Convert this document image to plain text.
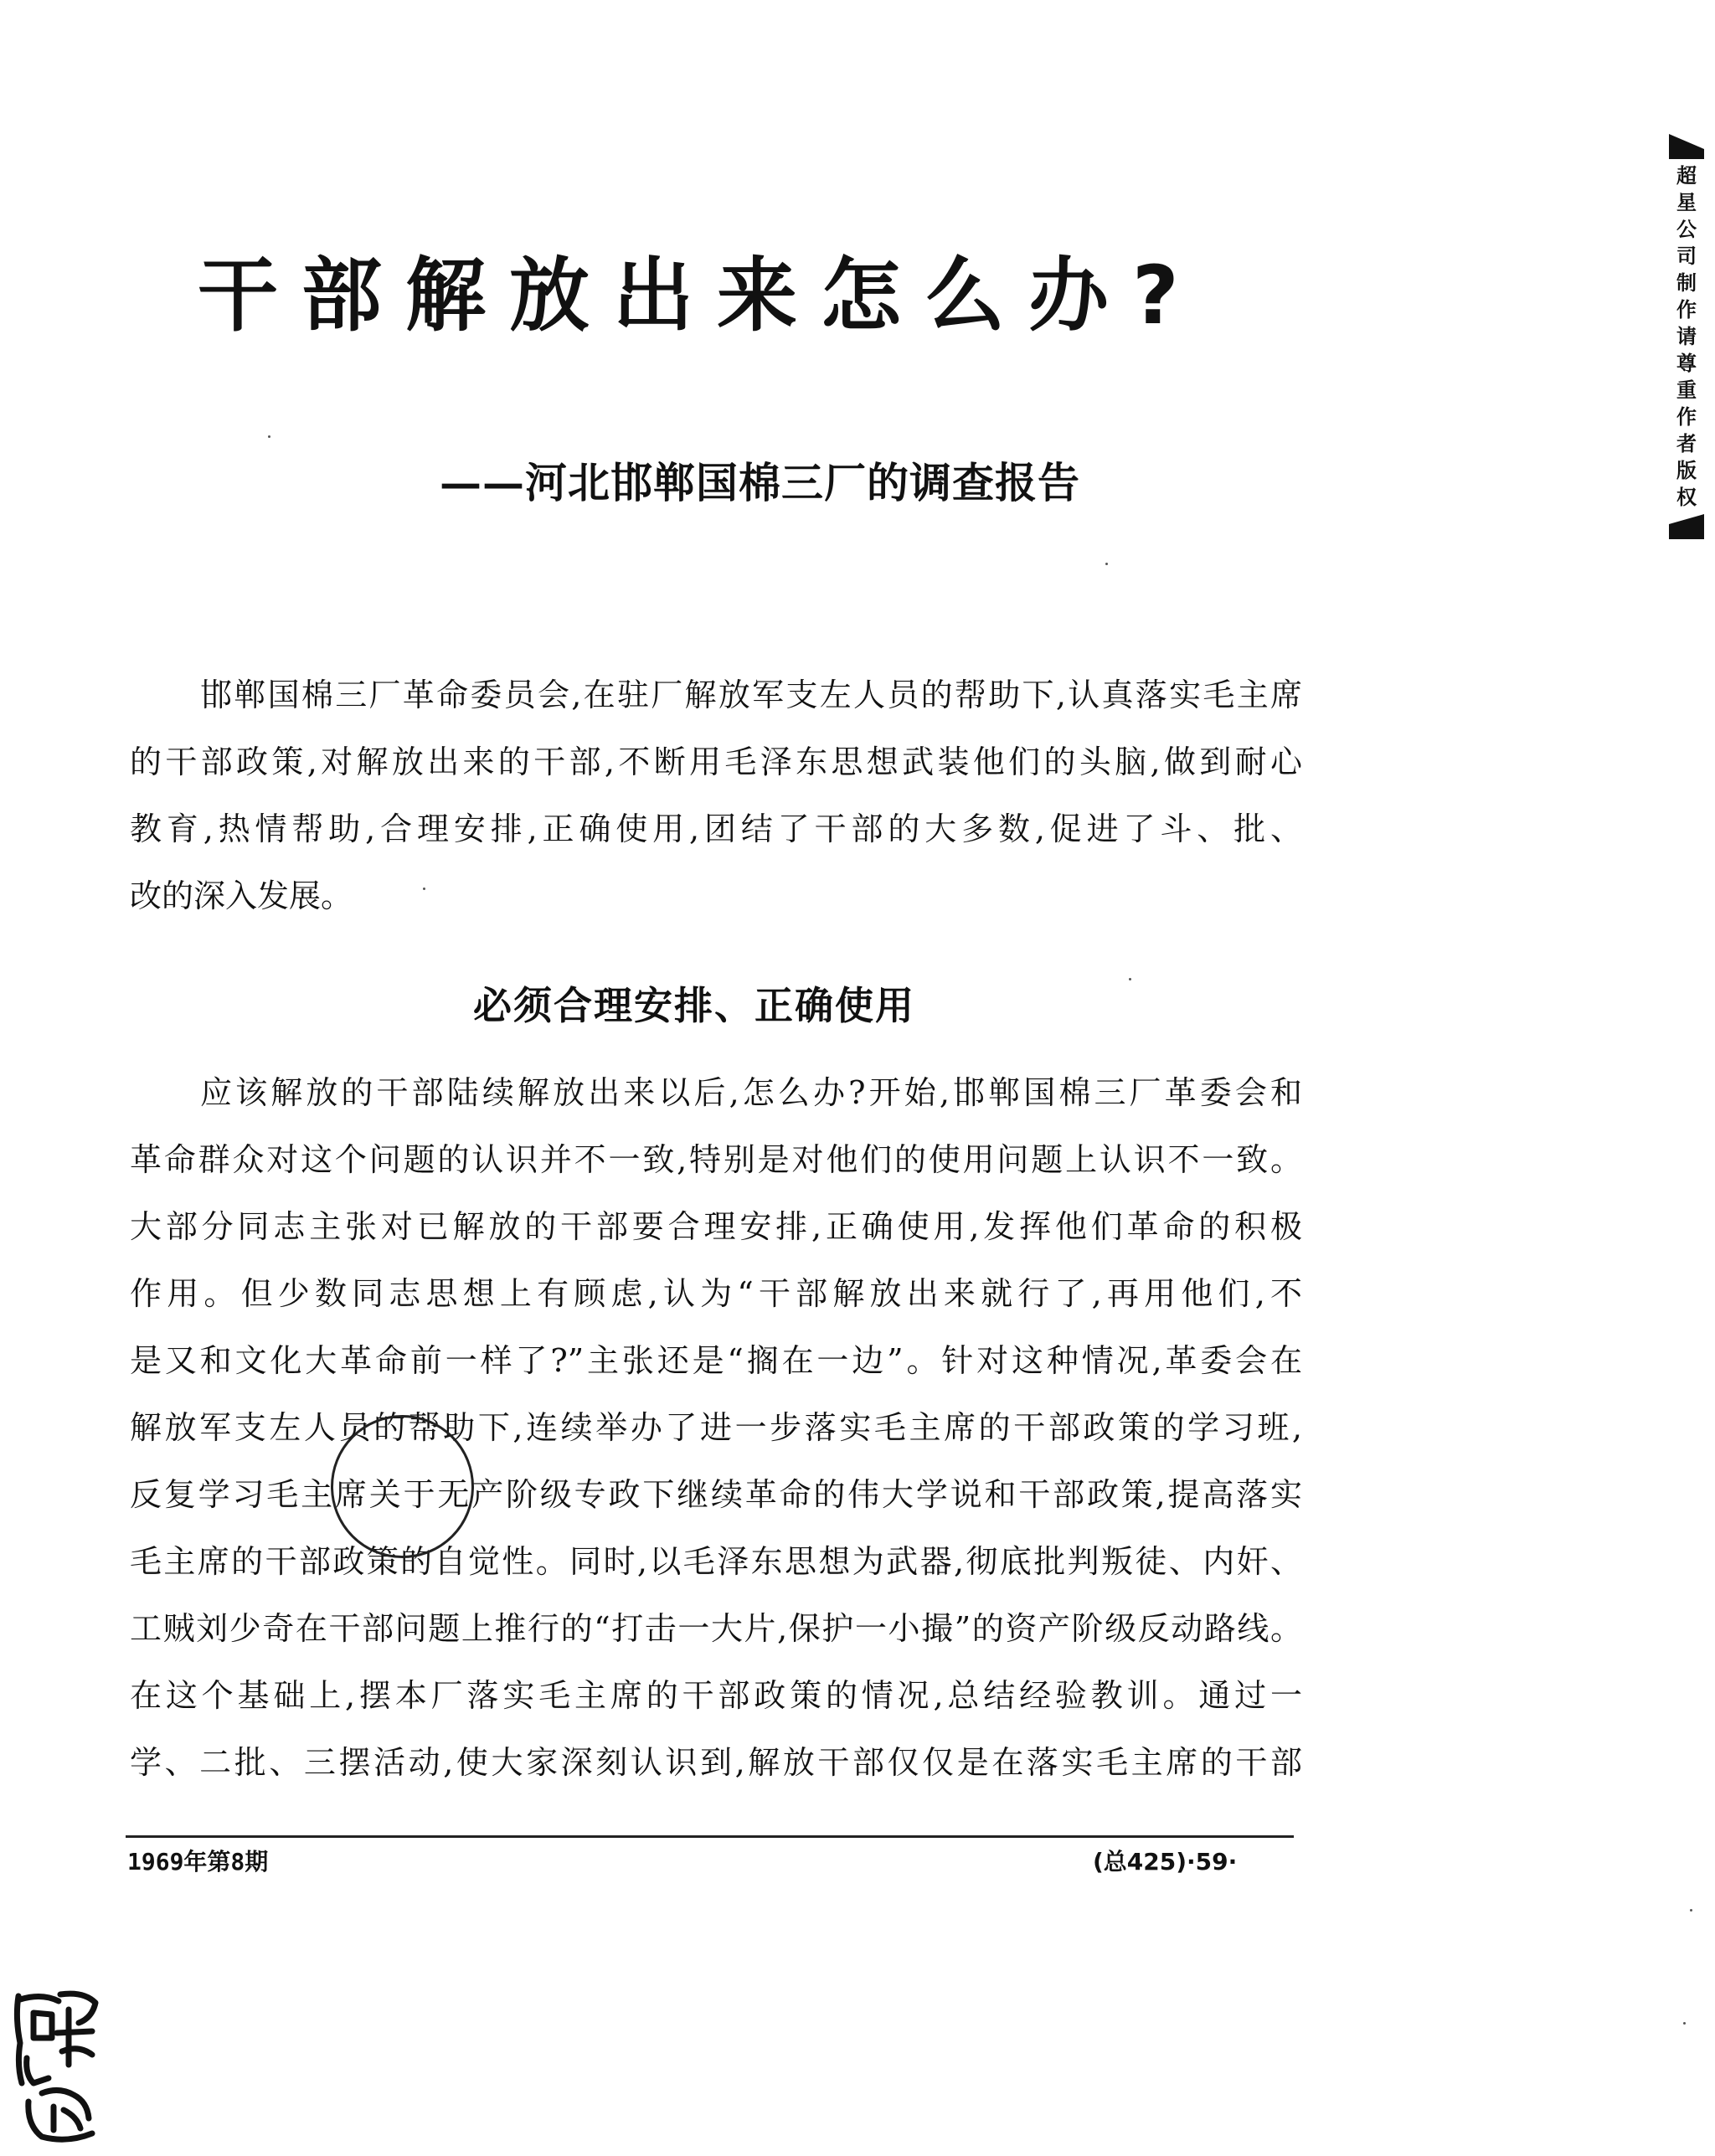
干部解放出来怎么办?
——河北邯郸国棉三厂的调查报告
邯郸国棉三厂革命委员会,在驻厂解放军支左人员的帮助下,认真落实毛主席
的干部政策,对解放出来的干部,不断用毛泽东思想武装他们的头脑,做到耐心
教育,热情帮助,合理安排,正确使用,团结了干部的大多数,促进了斗、批、
改的深入发展。
必须合理安排、正确使用
应该解放的干部陆续解放出来以后,怎么办?开始,邯郸国棉三厂革委会和
革命群众对这个问题的认识并不一致,特别是对他们的使用问题上认识不一致。
大部分同志主张对已解放的干部要合理安排,正确使用,发挥他们革命的积极
作用。但少数同志思想上有顾虑,认为“干部解放出来就行了,再用他们,不
是又和文化大革命前一样了?”主张还是“搁在一边”。针对这种情况,革委会在
解放军支左人员的帮助下,连续举办了进一步落实毛主席的干部政策的学习班,
反复学习毛主席关于无产阶级专政下继续革命的伟大学说和干部政策,提高落实
毛主席的干部政策的自觉性。同时,以毛泽东思想为武器,彻底批判叛徒、内奸、
工贼刘少奇在干部问题上推行的“打击一大片,保护一小撮”的资产阶级反动路线。
在这个基础上,摆本厂落实毛主席的干部政策的情况,总结经验教训。通过一
学、二批、三摆活动,使大家深刻认识到,解放干部仅仅是在落实毛主席的干部

1969年第8期	(总425)·59·

超
星
公
司
制
作
请
尊
重
作
者
版
权
